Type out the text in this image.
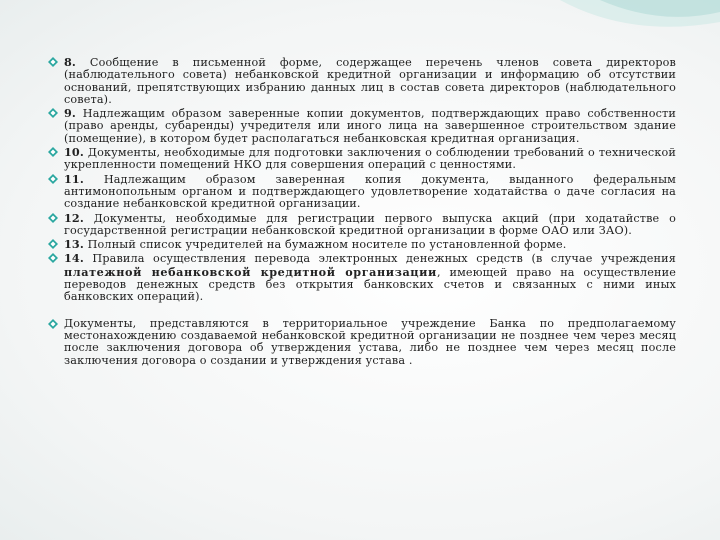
8. Сообщение в письменной форме, содержащее перечень членов совета директоров (наблюдательного совета) небанковской кредитной организации и информацию об отсутствии оснований, препятствующих избранию данных лиц в состав совета директоров (наблюдательного совета).
9. Надлежащим образом заверенные копии документов, подтверждающих право собственности (право аренды, субаренды) учредителя или иного лица на завершенное строительством здание (помещение), в котором будет располагаться небанковская кредитная организация.
10. Документы, необходимые для подготовки заключения о соблюдении требований о технической укрепленности помещений НКО для совершения операций с ценностями.
11. Надлежащим образом заверенная копия документа, выданного федеральным антимонопольным органом и подтверждающего удовлетворение ходатайства о даче согласия на создание небанковской кредитной организации.
12. Документы, необходимые для регистрации первого выпуска акций (при ходатайстве о государственной регистрации небанковской кредитной организации в форме ОАО или ЗАО).
13. Полный список учредителей на бумажном носителе по установленной форме.
14. Правила осуществления перевода электронных денежных средств (в случае учреждения платежной небанковской кредитной организации, имеющей право на осуществление переводов денежных средств без открытия банковских счетов и связанных с ними иных банковских операций).
Документы, представляются в территориальное учреждение Банка по предполагаемому местонахождению создаваемой небанковской кредитной организации не позднее чем через месяц после заключения договора об утверждения устава, либо не позднее чем через месяц после заключения договора о создании и утверждения устава .
